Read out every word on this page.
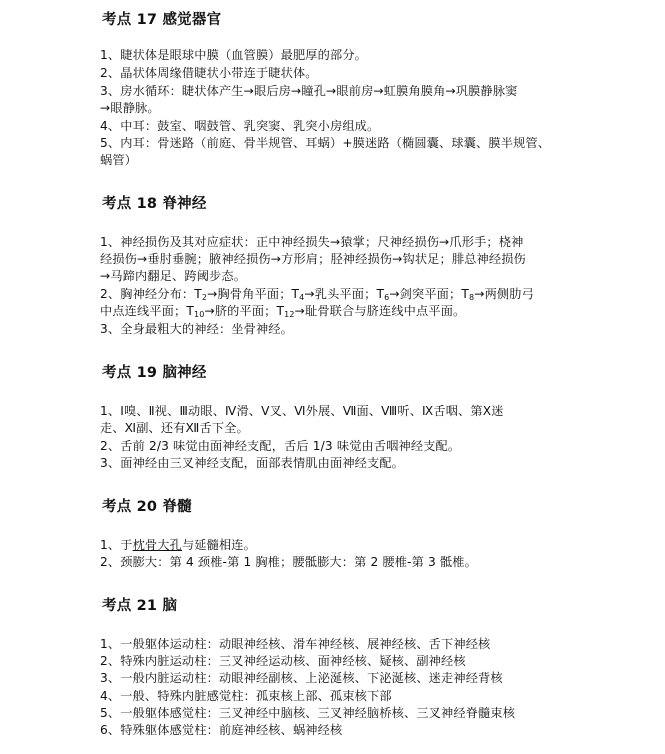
考点 17 感觉器官
1、睫状体是眼球中膜（血管膜）最肥厚的部分。
2、晶状体周缘借睫状小带连于睫状体。
3、房水循环：睫状体产生→眼后房→瞳孔→眼前房→虹膜角膜角→巩膜静脉窦
→眼静脉。
4、中耳：鼓室、咽鼓管、乳突窦、乳突小房组成。
5、内耳：骨迷路（前庭、骨半规管、耳蜗）+膜迷路（椭圆囊、球囊、膜半规管、
蜗管）
考点 18 脊神经
1、神经损伤及其对应症状：正中神经损失→猿掌；尺神经损伤→爪形手；桡神
经损伤→垂肘垂腕；腋神经损伤→方形肩；胫神经损伤→钩状足；腓总神经损伤
→马蹄内翻足、跨阈步态。
2、胸神经分布：$T_2\to$胸骨角平面；$T_4\to$乳头平面；$T_6\to$剑突平面；$T_8\to$两侧肋弓
中点连线平面；$T_{10}\to$脐的平面；$T_{12}\to$耻骨联合与脐连线中点平面。
3、全身最粗大的神经：坐骨神经。
考点 19 脑神经
1、Ⅰ嗅、Ⅱ视、Ⅲ动眼、Ⅳ滑、Ⅴ叉、Ⅵ外展、Ⅶ面、Ⅷ听、Ⅸ舌咽、第Ⅹ迷
走、Ⅺ副、还有Ⅻ舌下全。
2、舌前 2/3 味觉由面神经支配，舌后 1/3 味觉由舌咽神经支配。
3、面神经由三叉神经支配，面部表情肌由面神经支配。
考点 20 脊髓
1、于枕骨大孔与延髓相连。
2、颈膨大：第 4 颈椎-第 1 胸椎；腰骶膨大：第 2 腰椎-第 3 骶椎。
考点 21 脑
1、一般躯体运动柱：动眼神经核、滑车神经核、展神经核、舌下神经核
2、特殊内脏运动柱：三叉神经运动核、面神经核、疑核、副神经核
3、一般内脏运动柱：动眼神经副核、上泌涎核、下泌涎核、迷走神经背核
4、一般、特殊内脏感觉柱：孤束核上部、孤束核下部
5、一般躯体感觉柱：三叉神经中脑核、三叉神经脑桥核、三叉神经脊髓束核
6、特殊躯体感觉柱：前庭神经核、蜗神经核
